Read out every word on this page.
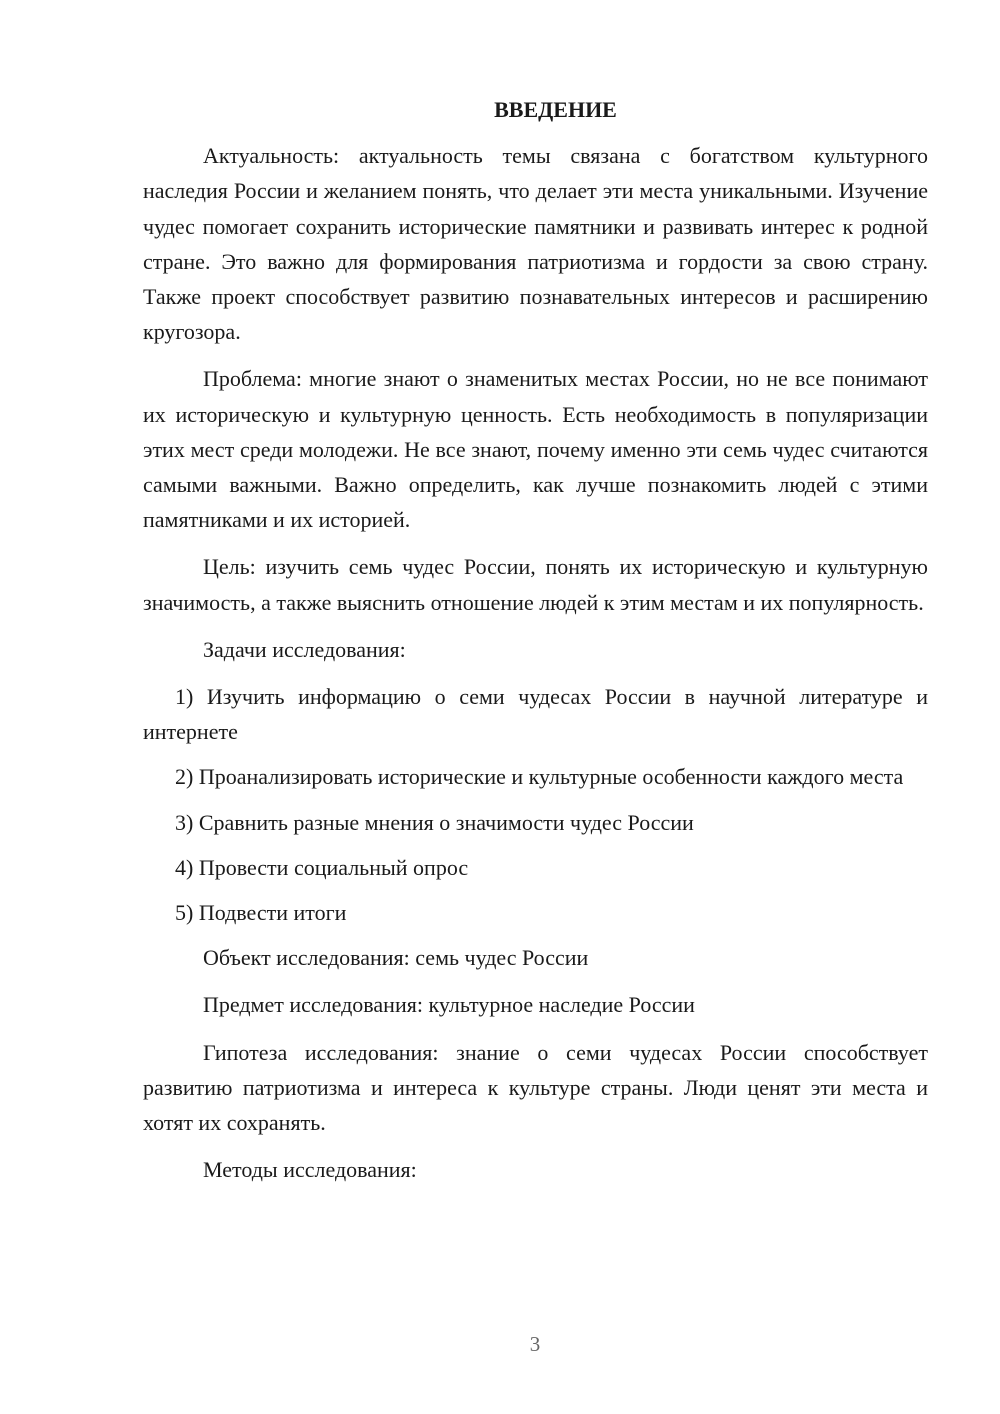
ВВЕДЕНИЕ

Актуальность: актуальность темы связана с богатством культурного наследия России и желанием понять, что делает эти места уникальными. Изучение чудес помогает сохранить исторические памятники и развивать интерес к родной стране. Это важно для формирования патриотизма и гордости за свою страну. Также проект способствует развитию познавательных интересов и расширению кругозора.

Проблема: многие знают о знаменитых местах России, но не все понимают их историческую и культурную ценность. Есть необходимость в популяризации этих мест среди молодежи. Не все знают, почему именно эти семь чудес считаются самыми важными. Важно определить, как лучше познакомить людей с этими памятниками и их историей.

Цель: изучить семь чудес России, понять их историческую и культурную значимость, а также выяснить отношение людей к этим местам и их популярность.

Задачи исследования:

1) Изучить информацию о семи чудесах России в научной литературе и интернете

2) Проанализировать исторические и культурные особенности каждого места

3) Сравнить разные мнения о значимости чудес России

4) Провести социальный опрос

5) Подвести итоги

Объект исследования: семь чудес России

Предмет исследования: культурное наследие России

Гипотеза исследования: знание о семи чудесах России способствует развитию патриотизма и интереса к культуре страны. Люди ценят эти места и хотят их сохранять.

Методы исследования:

3
